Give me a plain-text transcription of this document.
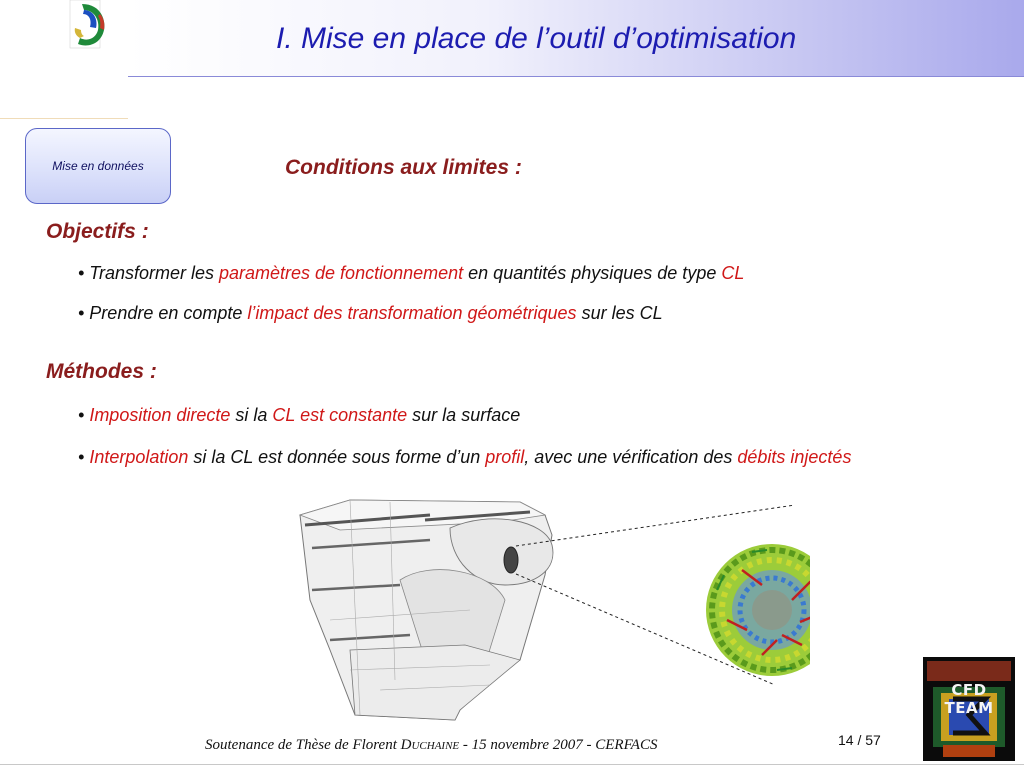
I. Mise en place de l’outil d’optimisation
Mise en données	Conditions aux limites :
Objectifs :
• Transformer les paramètres de fonctionnement en quantités physiques de type CL
• Prendre en compte l’impact des transformation géométriques sur les CL
Méthodes :
• Imposition directe si la CL est constante sur la surface
• Interpolation si la CL est donnée sous forme d’un profil, avec une vérification des débits injectés
CFD TEAM
Soutenance de Thèse de Florent DUCHAINE - 15 novembre 2007 - CERFACS	14 / 57
